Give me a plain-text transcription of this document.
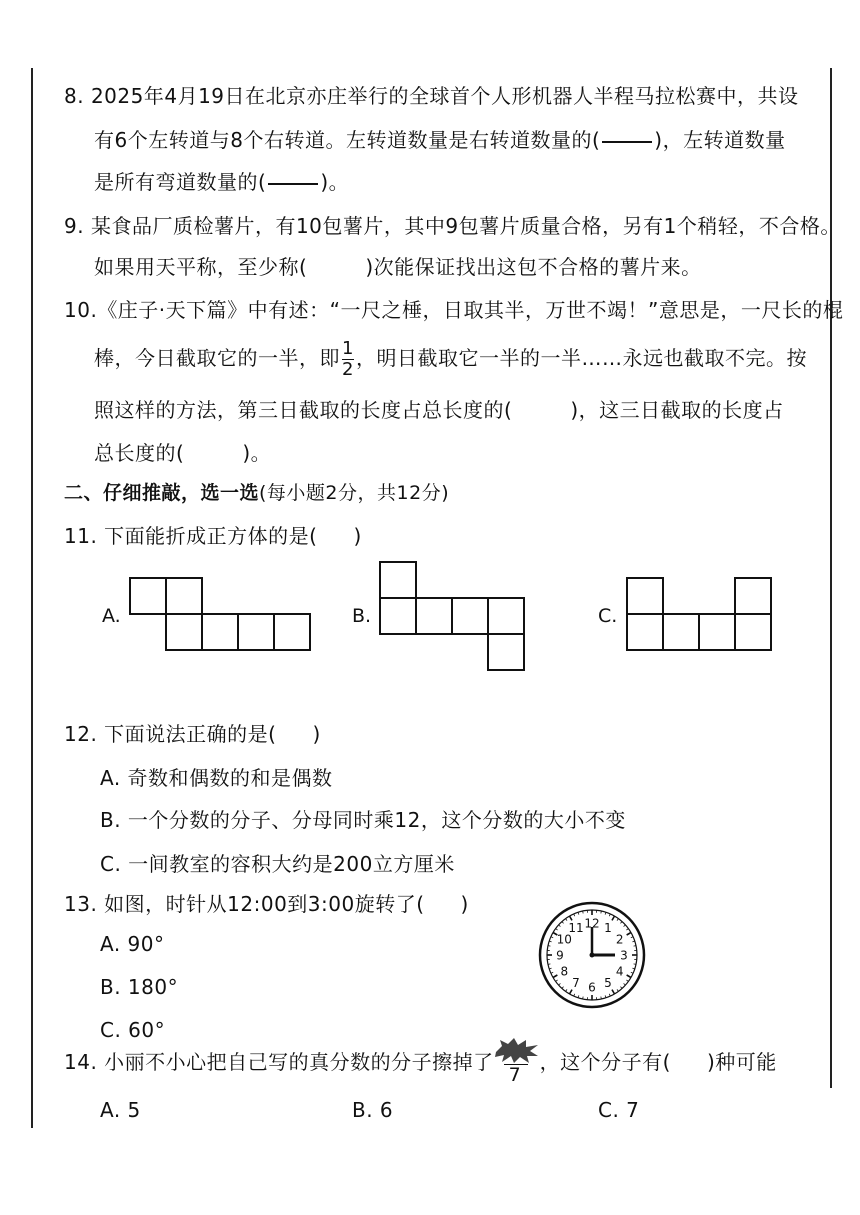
8. 2025年4月19日在北京亦庄举行的全球首个人形机器人半程马拉松赛中，共设
有6个左转道与8个右转道。左转道数量是右转道数量的(	)，左转道数量
是所有弯道数量的(	)。
9. 某食品厂质检薯片，有10包薯片，其中9包薯片质量合格，另有1个稍轻，不合格。
如果用天平称，至少称(	)次能保证找出这包不合格的薯片来。
10.《庄子·天下篇》中有述：“一尺之棰，日取其半，万世不竭！”意思是，一尺长的棍
棒，今日截取它的一半，即 $\frac{1}{2}$ ，明日截取它一半的一半……永远也截取不完。按
照这样的方法，第三日截取的长度占总长度的(	)，这三日截取的长度占
总长度的(	)。
二、仔细推敲，选一选(每小题2分，共12分)
11. 下面能折成正方体的是( )
A.	B.	C.
12. 下面说法正确的是( )
A. 奇数和偶数的和是偶数
B. 一个分数的分子、分母同时乘12，这个分数的大小不变
C. 一间教室的容积大约是200立方厘米
13. 如图，时针从12:00到3:00旋转了( )
A. 90°
B. 180°
C. 60°
12 1
2
3
4
5
6
7
8
9
10
11
14. 小丽不小心把自己写的真分数的分子擦掉了
7
，这个分子有( )种可能
A. 5	B. 6	C. 7
